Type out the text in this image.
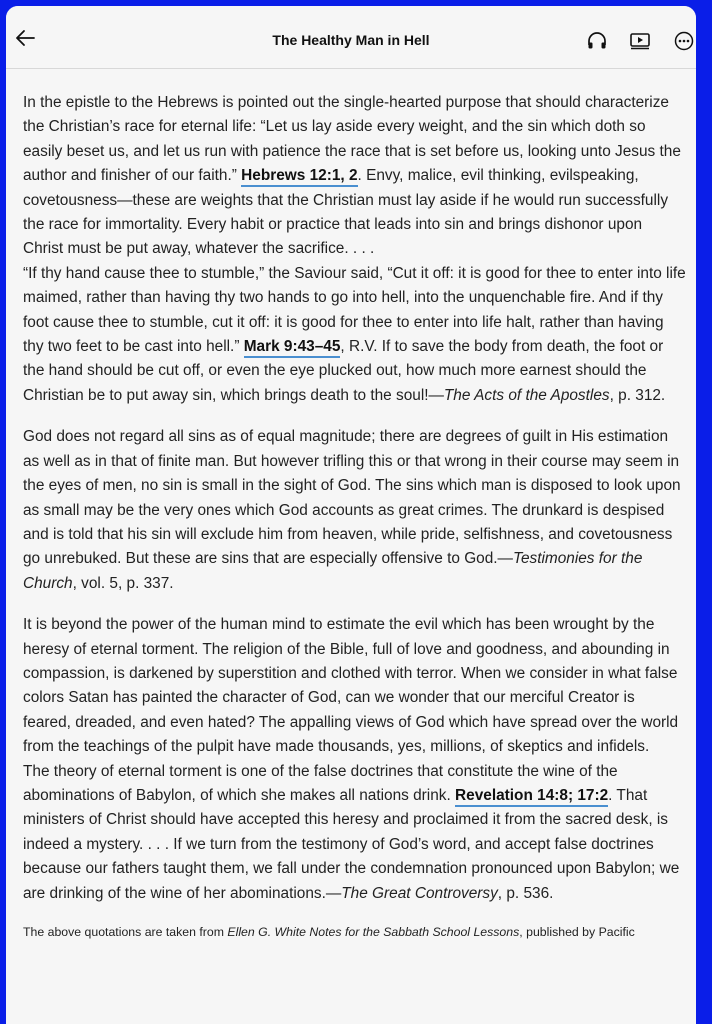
The Healthy Man in Hell

In the epistle to the Hebrews is pointed out the single-hearted purpose that should characterize the Christian’s race for eternal life: “Let us lay aside every weight, and the sin which doth so easily beset us, and let us run with patience the race that is set before us, looking unto Jesus the author and finisher of our faith.” Hebrews 12:1, 2. Envy, malice, evil thinking, evilspeaking, covetousness—these are weights that the Christian must lay aside if he would run successfully the race for immortality. Every habit or practice that leads into sin and brings dishonor upon Christ must be put away, whatever the sacrifice. . . .

“If thy hand cause thee to stumble,” the Saviour said, “Cut it off: it is good for thee to enter into life maimed, rather than having thy two hands to go into hell, into the unquenchable fire. And if thy foot cause thee to stumble, cut it off: it is good for thee to enter into life halt, rather than having thy two feet to be cast into hell.” Mark 9:43–45, R.V. If to save the body from death, the foot or the hand should be cut off, or even the eye plucked out, how much more earnest should the Christian be to put away sin, which brings death to the soul!—The Acts of the Apostles, p. 312.

God does not regard all sins as of equal magnitude; there are degrees of guilt in His estimation as well as in that of finite man. But however trifling this or that wrong in their course may seem in the eyes of men, no sin is small in the sight of God. The sins which man is disposed to look upon as small may be the very ones which God accounts as great crimes. The drunkard is despised and is told that his sin will exclude him from heaven, while pride, selfishness, and covetousness go unrebuked. But these are sins that are especially offensive to God.—Testimonies for the Church, vol. 5, p. 337.

It is beyond the power of the human mind to estimate the evil which has been wrought by the heresy of eternal torment. The religion of the Bible, full of love and goodness, and abounding in compassion, is darkened by superstition and clothed with terror. When we consider in what false colors Satan has painted the character of God, can we wonder that our merciful Creator is feared, dreaded, and even hated? The appalling views of God which have spread over the world from the teachings of the pulpit have made thousands, yes, millions, of skeptics and infidels.

The theory of eternal torment is one of the false doctrines that constitute the wine of the abominations of Babylon, of which she makes all nations drink. Revelation 14:8; 17:2. That ministers of Christ should have accepted this heresy and proclaimed it from the sacred desk, is indeed a mystery. . . . If we turn from the testimony of God’s word, and accept false doctrines because our fathers taught them, we fall under the condemnation pronounced upon Babylon; we are drinking of the wine of her abominations.—The Great Controversy, p. 536.

The above quotations are taken from Ellen G. White Notes for the Sabbath School Lessons, published by Pacific
